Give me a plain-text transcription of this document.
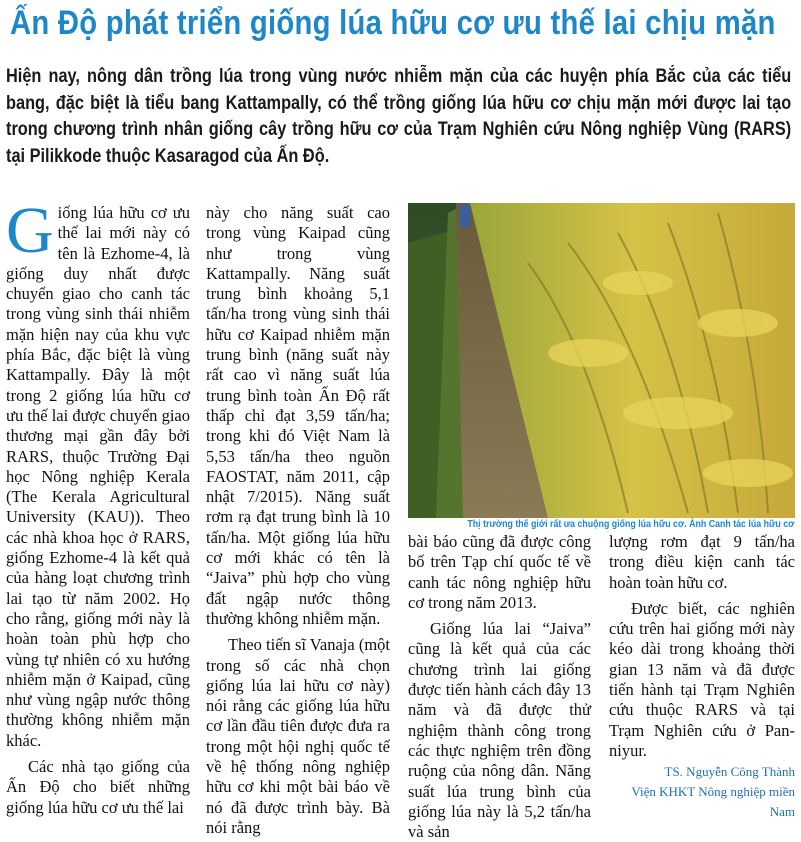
Ấn Độ phát triển giống lúa hữu cơ ưu thế lai chịu mặn
Hiện nay, nông dân trồng lúa trong vùng nước nhiễm mặn của các huyện phía Bắc của các tiểu bang, đặc biệt là tiểu bang Kattampally, có thể trồng giống lúa hữu cơ chịu mặn mới được lai tạo trong chương trình nhân giống cây trồng hữu cơ của Trạm Nghiên cứu Nông nghiệp Vùng (RARS) tại Pilikkode thuộc Kasaragod của Ấn Độ.

Giống lúa hữu cơ ưu thế lai mới này có tên là Ezhome-4, là giống duy nhất được chuyển giao cho canh tác trong vùng sinh thái nhiễm mặn hiện nay của khu vực phía Bắc, đặc biệt là vùng Kattampally. Đây là một trong 2 giống lúa hữu cơ ưu thế lai được chuyển giao thương mại gần đây bởi RARS, thuộc Trường Đại học Nông nghiệp Kerala (The Kerala Agricultural University (KAU)). Theo các nhà khoa học ở RARS, giống Ezhome-4 là kết quả của hàng loạt chương trình lai tạo từ năm 2002. Họ cho rằng, giống mới này là hoàn toàn phù hợp cho vùng tự nhiên có xu hướng nhiễm mặn ở Kaipad, cũng như vùng ngập nước thông thường không nhiễm mặn khác.

Các nhà tạo giống của Ấn Độ cho biết những giống lúa hữu cơ ưu thế lai

này cho năng suất cao trong vùng Kaipad cũng như trong vùng Kattampally. Năng suất trung bình khoảng 5,1 tấn/ha trong vùng sinh thái hữu cơ Kaipad nhiễm mặn trung bình (năng suất này rất cao vì năng suất lúa trung bình toàn Ấn Độ rất thấp chỉ đạt 3,59 tấn/ha; trong khi đó Việt Nam là 5,53 tấn/ha theo nguồn FAOSTAT, năm 2011, cập nhật 7/2015). Năng suất rơm rạ đạt trung bình là 10 tấn/ha. Một giống lúa hữu cơ mới khác có tên là “Jaiva” phù hợp cho vùng đất ngập nước thông thường không nhiễm mặn.

Theo tiến sĩ Vanaja (một trong số các nhà chọn giống lúa lai hữu cơ này) nói rằng các giống lúa hữu cơ lần đầu tiên được đưa ra trong một hội nghị quốc tế về hệ thống nông nghiệp hữu cơ khi một bài báo về nó đã được trình bày. Bà nói rằng

Thị trường thế giới rất ưa chuộng giống lúa hữu cơ. Ảnh Canh tác lúa hữu cơ

bài báo cũng đã được công bố trên Tạp chí quốc tế về canh tác nông nghiệp hữu cơ trong năm 2013.

Giống lúa lai “Jaiva” cũng là kết quả của các chương trình lai giống được tiến hành cách đây 13 năm và đã được thử nghiệm thành công trong các thực nghiệm trên đồng ruộng của nông dân. Năng suất lúa trung bình của giống lúa này là 5,2 tấn/ha và sản

lượng rơm đạt 9 tấn/ha trong điều kiện canh tác hoàn toàn hữu cơ.

Được biết, các nghiên cứu trên hai giống mới này kéo dài trong khoảng thời gian 13 năm và đã được tiến hành tại Trạm Nghiên cứu thuộc RARS và tại Trạm Nghiên cứu ở Pan-niyur.

TS. Nguyễn Công Thành
Viện KHKT Nông nghiệp miền
Nam
